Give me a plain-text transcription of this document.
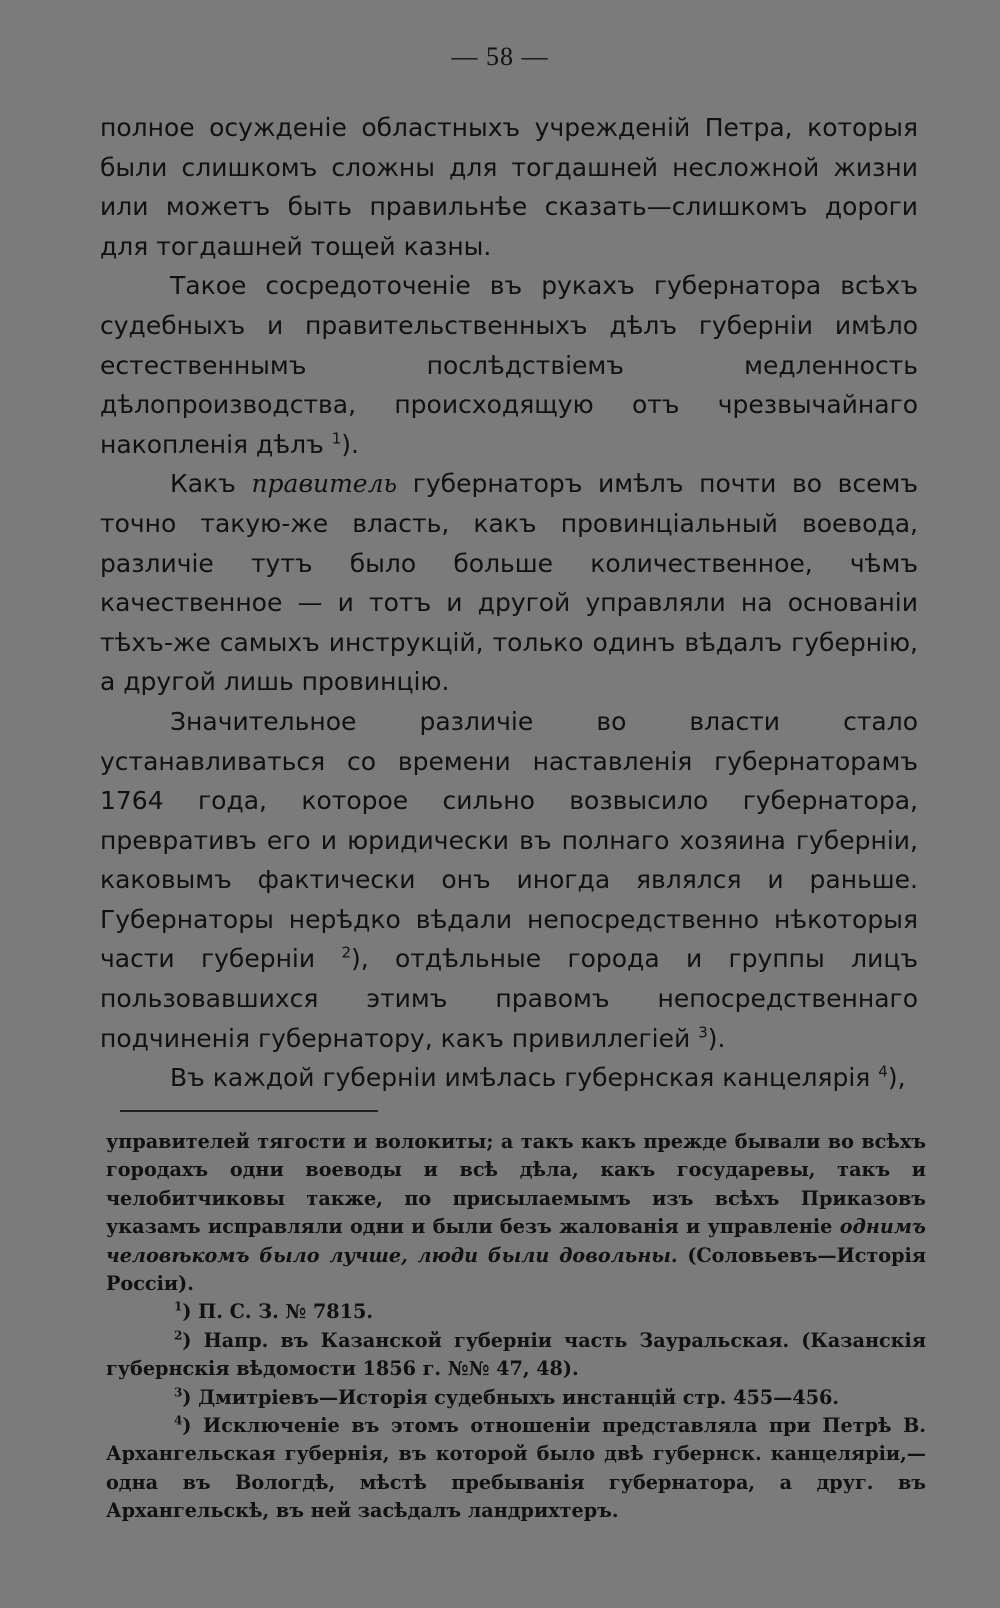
— 58 —

полное осужденіе областныхъ учрежденій Петра, которыя были слишкомъ сложны для тогдашней несложной жизни или можетъ быть правильнѣе сказать—слишкомъ дороги для тогдашней тощей казны.

Такое сосредоточеніе въ рукахъ губернатора всѣхъ судебныхъ и правительственныхъ дѣлъ губерніи имѣло естественнымъ послѣдствіемъ медленность дѣлопроизводства, происходящую отъ чрезвычайнаго накопленія дѣлъ $^1$).

Какъ правитель губернаторъ имѣлъ почти во всемъ точно такую-же власть, какъ провинціальный воевода, различіе тутъ было больше количественное, чѣмъ качественное — и тотъ и другой управляли на основаніи тѣхъ-же самыхъ инструкцій, только одинъ вѣдалъ губернію, а другой лишь провинцію.

Значительное различіе во власти стало устанавливаться со времени наставленія губернаторамъ 1764 года, которое сильно возвысило губернатора, превративъ его и юридически въ полнаго хозяина губерніи, каковымъ фактически онъ иногда являлся и раньше. Губернаторы нерѣдко вѣдали непосредственно нѣкоторыя части губерніи $^2$), отдѣльные города и группы лицъ пользовавшихся этимъ правомъ непосредственнаго подчиненія губернатору, какъ привиллегіей $^3$).

Въ каждой губерніи имѣлась губернская канцелярія $^4$),

управителей тягости и волокиты; а такъ какъ прежде бывали во всѣхъ городахъ одни воеводы и всѣ дѣла, какъ государевы, такъ и челобитчиковы также, по присылаемымъ изъ всѣхъ Приказовъ указамъ исправляли одни и были безъ жалованія и управленіе однимъ человѣкомъ было лучше, люди были довольны. (Соловьевъ—Исторія Россіи).

$^1$) П. С. З. № 7815.

$^2$) Напр. въ Казанской губерніи часть Зауральская. (Казанскія губернскія вѣдомости 1856 г. №№ 47, 48).

$^3$) Дмитріевъ—Исторія судебныхъ инстанцій стр. 455—456.

$^4$) Исключеніе въ этомъ отношеніи представляла при Петрѣ В. Архангельская губернія, въ которой было двѣ губернск. канцеляріи,— одна въ Вологдѣ, мѣстѣ пребыванія губернатора, а друг. въ Архангельскѣ, въ ней засѣдалъ ландрихтеръ.
